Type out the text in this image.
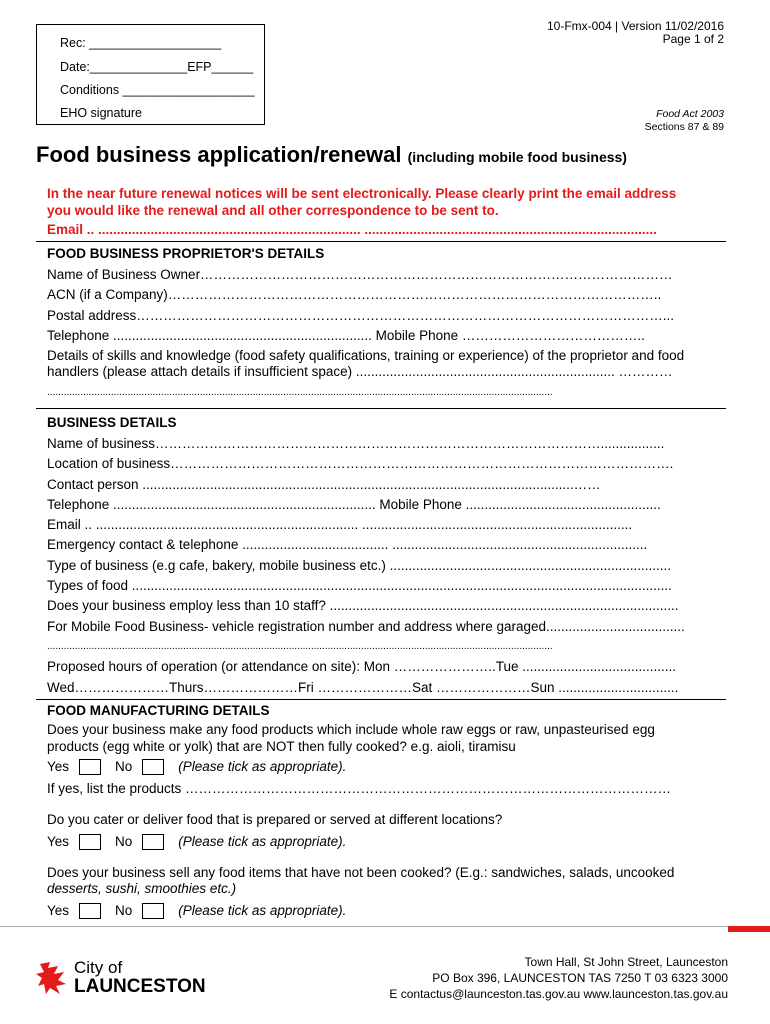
Rec: ___________________
Date:______________EFP______
Conditions ___________________
EHO signature
10-Fmx-004 | Version 11/02/2016
Page 1 of 2
Food Act 2003
Sections 87 & 89
Food business application/renewal (including mobile food business)
In the near future renewal notices will be sent electronically. Please clearly print the email address
you would like the renewal and all other correspondence to be sent to.
Email .. ...................................................................... ..............................................................................
FOOD BUSINESS PROPRIETOR'S DETAILS
Name of Business Owner……………………………………………………………………………………………
ACN (if a Company)………………………………………………………………………………………………..
Postal address………………………………………………………………………………………………………...
Telephone ..................................................................... Mobile Phone …………………………………..
Details of skills and knowledge (food safety qualifications, training or experience) of the proprietor and food
handlers (please attach details if insufficient space) ..................................................................... …………
......................................................................................................................................................................................
BUSINESS DETAILS
Name of business……………………………………………………………………………………….................
Location of business………………………………………………………………………………………………….
Contact person ...................................................................................................................……
Telephone ...................................................................... Mobile Phone ....................................................
Email .. ...................................................................... ........................................................................
Emergency contact & telephone ....................................... ....................................................................
Type of business (e.g cafe, bakery, mobile business etc.) ...........................................................................
Types of food ................................................................................................................................................
Does your business employ less than 10 staff? .............................................................................................
For Mobile Food Business- vehicle registration number and address where garaged.....................................
......................................................................................................................................................................................
Proposed hours of operation (or attendance on site): Mon …………………..Tue .........................................
Wed…………………Thurs…………………Fri …………………Sat …………………Sun ................................
FOOD MANUFACTURING DETAILS
Does your business make any food products which include whole raw eggs or raw, unpasteurised egg
products (egg white or yolk) that are NOT then fully cooked? e.g. aioli, tiramisu
Yes	No	(Please tick as appropriate).
If yes, list the products ………………………………………………………………………………………………
Do you cater or deliver food that is prepared or served at different locations?
Yes	No	(Please tick as appropriate).
Does your business sell any food items that have not been cooked? (E.g.: sandwiches, salads, uncooked
desserts, sushi, smoothies etc.)
Yes	No	(Please tick as appropriate).
City of
LAUNCESTON
Town Hall, St John Street, Launceston
PO Box 396, LAUNCESTON TAS 7250 T 03 6323 3000
E contactus@launceston.tas.gov.au www.launceston.tas.gov.au
